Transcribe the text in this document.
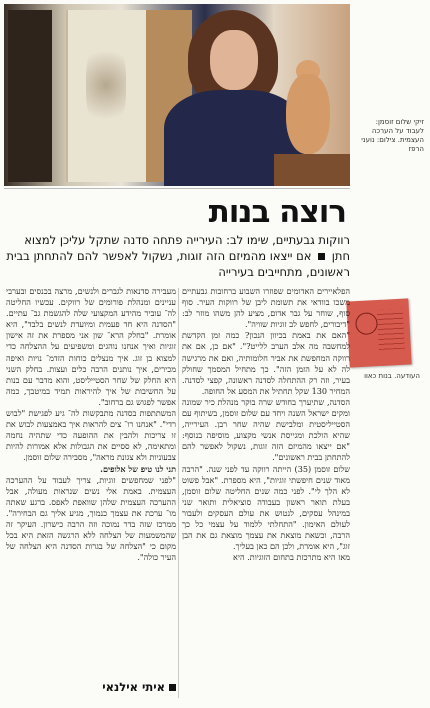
זיקי שלום זוסמן: לעבוד על הערכה העצמית. צילום: נועני הרפז
העודעה. בנות כאוו
רוצה בנות
רווקות גבעתיים, שימו לב: העירייה פתחה סדנה שתקל עליכן למצוא חתן  אם ייצאו מהמיזם הזה זוגות, נשקול לאפשר להם להתחתן בבית ראשונים, מתחייבים בעירייה

הפלאיירים האדומים שפוזרו השבוע ברחובות גבעתיים משכו בוודאי את תשומת ליבן של רווקות העיר. סוף סוף, שוחר על גבר אדום, מציע להן משהו מוזר לב: "דיבורים, לחפש לב זוגיות שוויה".

"האם את באמת בכיוון הנכון? כמה זמן הקדשת למחשבה מה אלב הערב ללייט?". "אם כן, אם את רווקה המחפשת את אביר חלומותיה, ואם את מרגישה לה לא על הזמן הזה". כך מתחיל המסמך שחולק בעיר, וזה רק ההתחלה לסדנה ראשונה, קפצי לסדנה. המחיר 130 שקל תחתיל את המסע אל החופה.

הסדנה, שתיערך בחודש שרה בוקר מנהלת כיר שמונה ומקים ישראל השנה ויחד עם שלום זוסמן, בשיתוף עם הסטייליסטית ומלבישת שהיה שחר רבן. העירייה, שהיא הולכת ומגייסת אנשי מקצוע, מוסיפה בנוסף: "אם ייצאו מהמיזם הזה זוגות, נשקול לאפשר להם להתחתן בבית ראשונים".

שלום זוסמן (35) הייתה רווקה עד לפני שנה. "הרבה מאוד שנים חיפשתי זוגיות", היא מספרת. "אבל פשוט לא הלך לי". לפני כמה שנים החליטה שלום זוסמן, בעלת תואר ראשון בעבודה סוציאלית ותואר שני במינהל עסקים, לנטוש את עולם העסקים ולעבור לעולם האימון. "התחלתי ללמוד על עצמי כל כך הרבה, וכשאת מוצאת את עצמך מוצאת גם את הבן זוג", היא אומרת, ולכן הם כאן בעליך.

מאז היא מתרכזת בתחום הזוגיות. היא

מעבירה סדנאות לגברים ולנשים, מרצה בכנסים ובערבי עניינים ומנהלת פורומים של רווקים. עכשיו החליטה לה־ עוביר מהידע המקצועי שלה להגשמת גב־ עתיים. "הסדנה היא חד פעמית ומיועדת לנשים בלבד", היא אומרת. "בחלק הרא־ שון אני מספרת את זה אישון זוגיות ואיך אנחנו נוהגים ומשפיעים על ההצלחה כדי למצוא בן זוג. איך מנצלים כוחות הזדמ־ נויות ואיפה מכירים, איך נותנים הרבה כלים ועצות. בחלק השני היא החלק של שחר הסטייליסט, והוא מדבר עם בנות על החשיבות של איך להיראות תמיד במיטבך, כמה אפשר לפגוש גם ברחוב".

המשתתפות בסדנה מתבקשות לה־ גיע לפגישת "לבוש רדי". "אנחנו רו־ צים להראות איך באמצעות לבוש את זו צריכות ולהבין את ההופעה כדי שתהיה נחמה ומתאימה, לא ססיים את הגבולות אלא אמורות להיות צבעוניות ולא צגונת מראה", מסבירה שלום זוסמן.

תני לנו טיפ של אלופים.

"לפני שמחפשים זוגיות, צריך לעבוד על ההערכה העצמית. באמת אלי נשים שנראות מעולה, אבל ההערכה העצמית שלהן שוואפת לאפס. ברגע שאתה מו־ ערכת את עצמך כנמוך, מגיע אליך גם הבחירה". ממרכז שזה בדר נמוכה וזה הרבה כישרון. העיקר זה שהמשמעות של הצלחה ללא הרגשה הזאת היא בכל מקום כי "הצלחה של בגרות הסדנה היא הצלחה של העיר כולה".

איתי אילנאי
